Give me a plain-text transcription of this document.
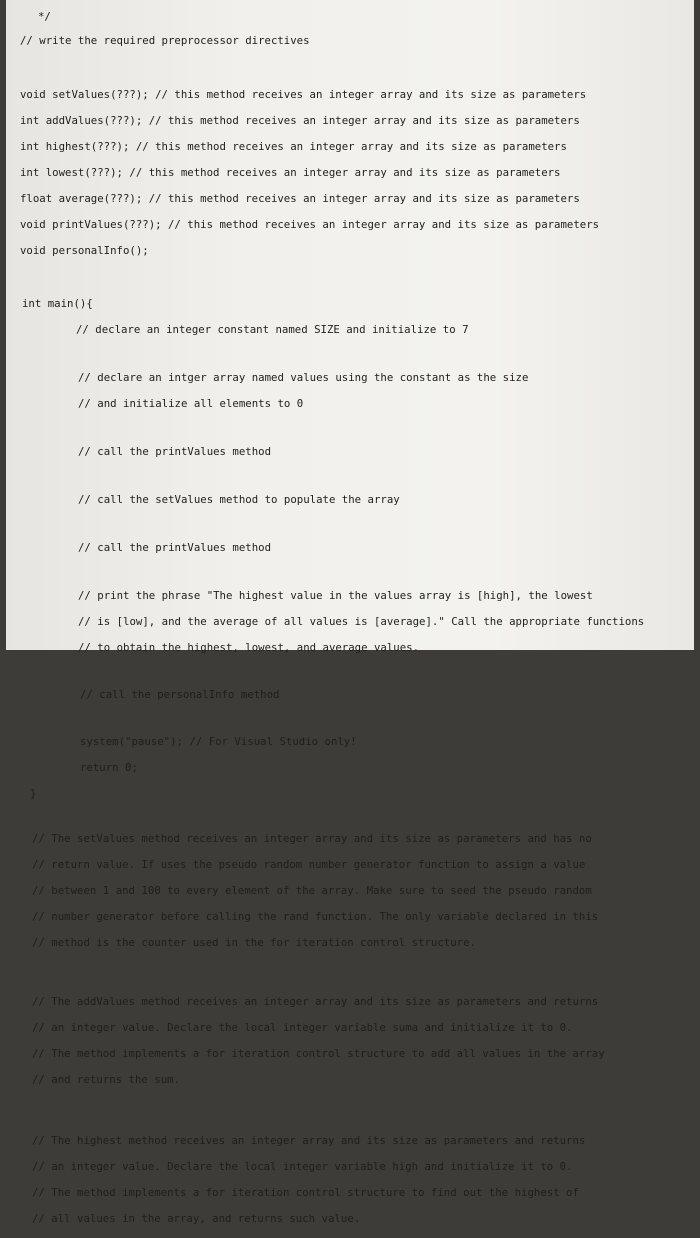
*/

// write the required preprocessor directives

void setValues(???); // this method receives an integer array and its size as parameters

int addValues(???); // this method receives an integer array and its size as parameters

int highest(???); // this method receives an integer array and its size as parameters

int lowest(???); // this method receives an integer array and its size as parameters

float average(???); // this method receives an integer array and its size as parameters

void printValues(???); // this method receives an integer array and its size as parameters

void personalInfo();

int main(){

// declare an integer constant named SIZE and initialize to 7

// declare an intger array named values using the constant as the size

// and initialize all elements to 0

// call the printValues method

// call the setValues method to populate the array

// call the printValues method

// print the phrase "The highest value in the values array is [high], the lowest

// is [low], and the average of all values is [average]." Call the appropriate functions

// to obtain the highest, lowest, and average values.

// call the personalInfo method

system("pause"); // For Visual Studio only!

return 0;

}

// The setValues method receives an integer array and its size as parameters and has no

// return value. If uses the pseudo random number generator function to assign a value

// between 1 and 100 to every element of the array. Make sure to seed the pseudo random

// number generator before calling the rand function. The only variable declared in this

// method is the counter used in the for iteration control structure.

// The addValues method receives an integer array and its size as parameters and returns

// an integer value. Declare the local integer variable suma and initialize it to 0.

// The method implements a for iteration control structure to add all values in the array

// and returns the sum.

// The highest method receives an integer array and its size as parameters and returns

// an integer value. Declare the local integer variable high and initialize it to 0.

// The method implements a for iteration control structure to find out the highest of

// all values in the array, and returns such value.
